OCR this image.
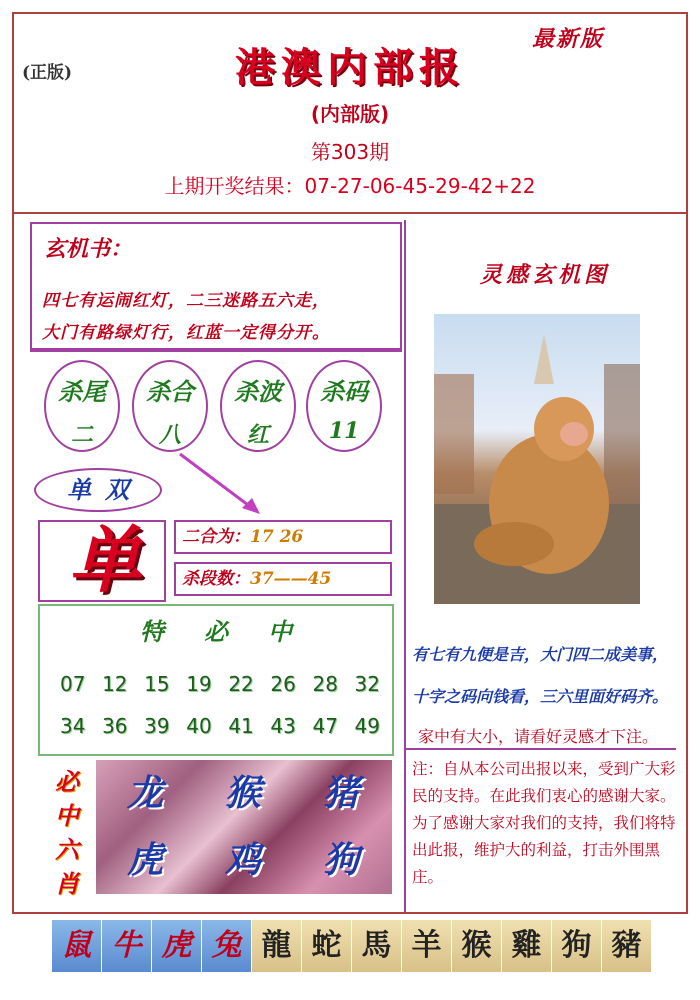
(正版)
最新版
港澳内部报
(内部版)
第303期
上期开奖结果：07-27-06-45-29-42+22
玄机书：
四七有运闹红灯，二三迷路五六走，
大门有路绿灯行，红蓝一定得分开。
杀尾
二
杀合
八
杀波
红
杀码
11
单双
单	二合为：17 26
杀段数：37——45
特必中
07 12 15 19 22 26 28 32
34 36 39 40 41 43 47 49
必
中
六
肖
龙	猴	猪
虎	鸡	狗
灵感玄机图
有七有九便是吉，大门四二成美事，
十字之码向钱看，三六里面好码齐。
家中有大小，请看好灵感才下注。
注：自从本公司出报以来，受到广大彩民的支持。在此我们衷心的感谢大家。为了感谢大家对我们的支持，我们将特出此报，维护大的利益，打击外围黑庄。
鼠 牛 虎 兔 龍 蛇 馬 羊 猴 雞 狗 豬
